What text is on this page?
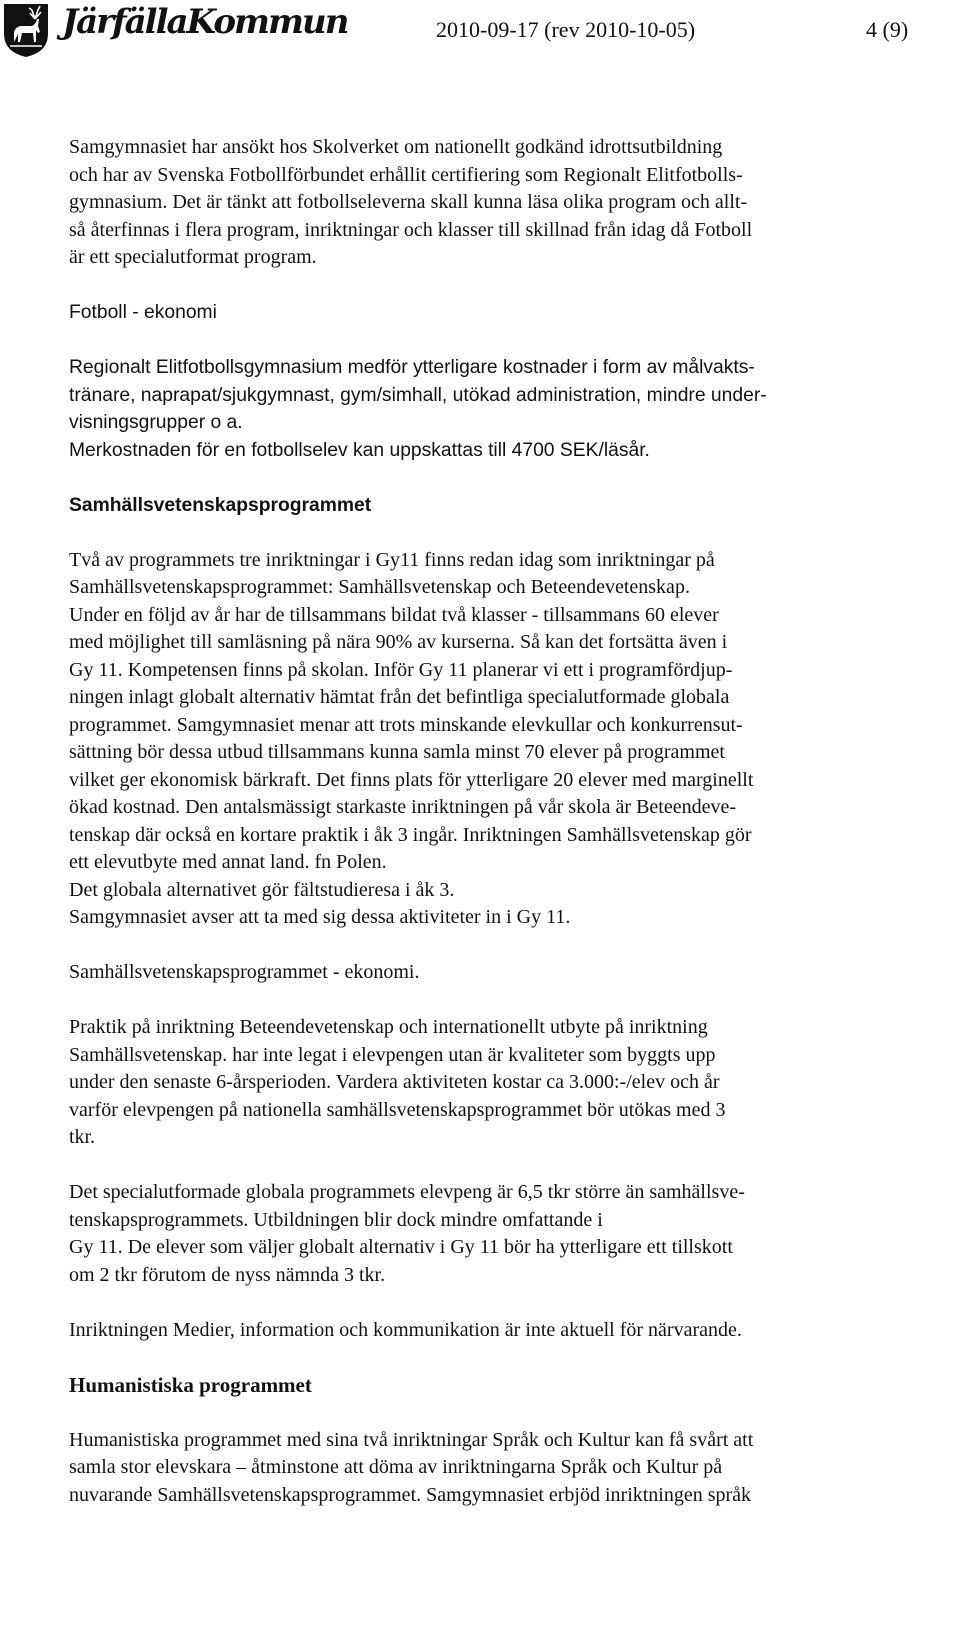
JärfällaKommun	2010-09-17 (rev 2010-10-05)	4 (9)

Samgymnasiet har ansökt hos Skolverket om nationellt godkänd idrottsutbildning

och har av Svenska Fotbollförbundet erhållit certifiering som Regionalt Elitfotbolls-

gymnasium. Det är tänkt att fotbollseleverna skall kunna läsa olika program och allt-

så återfinnas i flera program, inriktningar och klasser till skillnad från idag då Fotboll

är ett specialutformat program.

Fotboll - ekonomi

Regionalt Elitfotbollsgymnasium medför ytterligare kostnader i form av målvakts-

tränare, naprapat/sjukgymnast, gym/simhall, utökad administration, mindre under-

visningsgrupper o a.

Merkostnaden för en fotbollselev kan uppskattas till 4700 SEK/läsår.

Samhällsvetenskapsprogrammet

Två av programmets tre inriktningar i Gy11 finns redan idag som inriktningar på

Samhällsvetenskapsprogrammet: Samhällsvetenskap och Beteendevetenskap.

Under en följd av år har de tillsammans bildat två klasser - tillsammans 60 elever

med möjlighet till samläsning på nära 90% av kurserna. Så kan det fortsätta även i

Gy 11. Kompetensen finns på skolan. Inför Gy 11 planerar vi ett i programfördjup-

ningen inlagt globalt alternativ hämtat från det befintliga specialutformade globala

programmet. Samgymnasiet menar att trots minskande elevkullar och konkurrensut-

sättning bör dessa utbud tillsammans kunna samla minst 70 elever på programmet

vilket ger ekonomisk bärkraft. Det finns plats för ytterligare 20 elever med marginellt

ökad kostnad. Den antalsmässigt starkaste inriktningen på vår skola är Beteendeve-

tenskap där också en kortare praktik i åk 3 ingår. Inriktningen Samhällsvetenskap gör

ett elevutbyte med annat land. fn Polen.

Det globala alternativet gör fältstudieresa i åk 3.

Samgymnasiet avser att ta med sig dessa aktiviteter in i Gy 11.

Samhällsvetenskapsprogrammet - ekonomi.

Praktik på inriktning Beteendevetenskap och internationellt utbyte på inriktning

Samhällsvetenskap. har inte legat i elevpengen utan är kvaliteter som byggts upp

under den senaste 6-årsperioden. Vardera aktiviteten kostar ca 3.000:-/elev och år

varför elevpengen på nationella samhällsvetenskapsprogrammet bör utökas med 3

tkr.

Det specialutformade globala programmets elevpeng är 6,5 tkr större än samhällsve-

tenskapsprogrammets. Utbildningen blir dock mindre omfattande i

Gy 11. De elever som väljer globalt alternativ i Gy 11 bör ha ytterligare ett tillskott

om 2 tkr förutom de nyss nämnda 3 tkr.

Inriktningen Medier, information och kommunikation är inte aktuell för närvarande.

Humanistiska programmet

Humanistiska programmet med sina två inriktningar Språk och Kultur kan få svårt att

samla stor elevskara – åtminstone att döma av inriktningarna Språk och Kultur på

nuvarande Samhällsvetenskapsprogrammet. Samgymnasiet erbjöd inriktningen språk
